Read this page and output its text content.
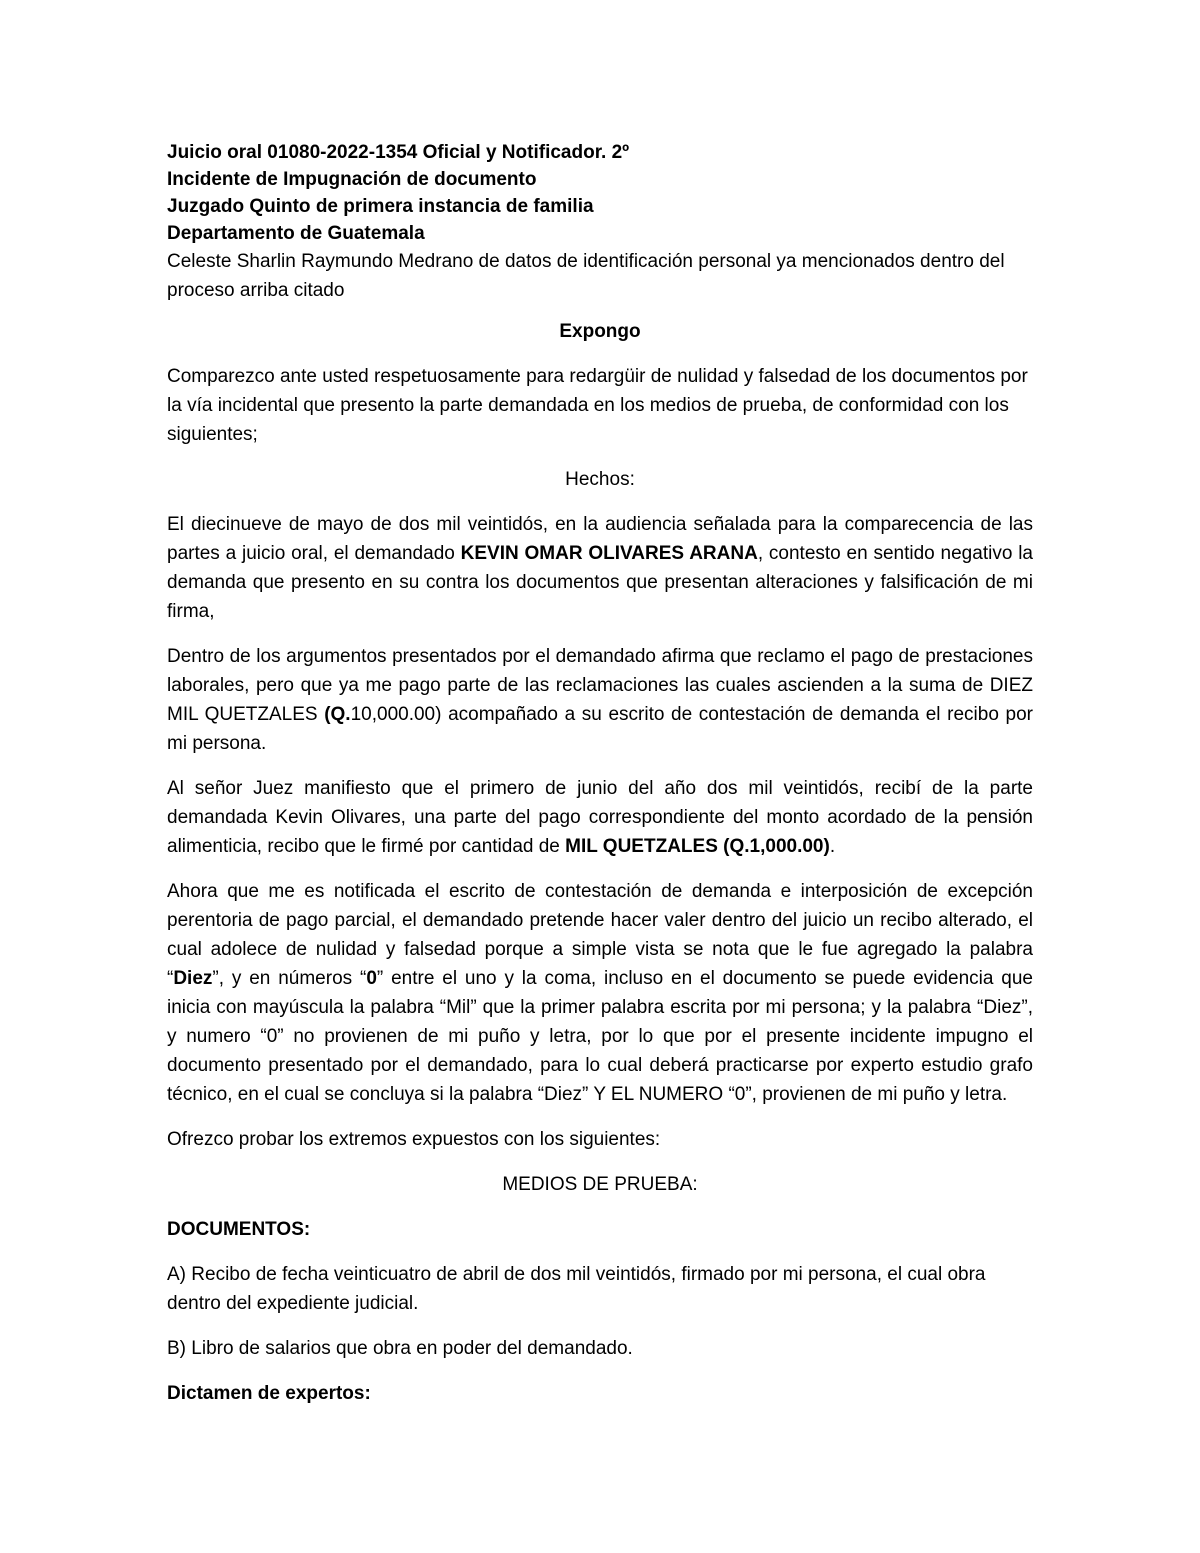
Juicio oral 01080-2022-1354 Oficial y Notificador. 2º

Incidente de Impugnación de documento

Juzgado Quinto de primera instancia de familia

Departamento de Guatemala

Celeste Sharlin Raymundo Medrano de datos de identificación personal ya mencionados dentro del proceso arriba citado

Expongo

Comparezco ante usted respetuosamente para redargüir de nulidad y falsedad de los documentos por la vía incidental que presento la parte demandada en los medios de prueba, de conformidad con los siguientes;

Hechos:

El diecinueve de mayo de dos mil veintidós, en la audiencia señalada para la comparecencia de las partes a juicio oral, el demandado KEVIN OMAR OLIVARES ARANA, contesto en sentido negativo la demanda que presento en su contra los documentos que presentan alteraciones y falsificación de mi firma,

Dentro de los argumentos presentados por el demandado afirma que reclamo el pago de prestaciones laborales, pero que ya me pago parte de las reclamaciones las cuales ascienden a la suma de DIEZ MIL QUETZALES (Q.10,000.00) acompañado a su escrito de contestación de demanda el recibo por mi persona.

Al señor Juez manifiesto que el primero de junio del año dos mil veintidós, recibí de la parte demandada Kevin Olivares, una parte del pago correspondiente del monto acordado de la pensión alimenticia, recibo que le firmé por cantidad de MIL QUETZALES (Q.1,000.00).

Ahora que me es notificada el escrito de contestación de demanda e interposición de excepción perentoria de pago parcial, el demandado pretende hacer valer dentro del juicio un recibo alterado, el cual adolece de nulidad y falsedad porque a simple vista se nota que le fue agregado la palabra “Diez”, y en números “0” entre el uno y la coma, incluso en el documento se puede evidencia que inicia con mayúscula la palabra “Mil” que la primer palabra escrita por mi persona; y la palabra “Diez”, y numero “0” no provienen de mi puño y letra, por lo que por el presente incidente impugno el documento presentado por el demandado, para lo cual deberá practicarse por experto estudio grafo técnico, en el cual se concluya si la palabra “Diez” Y EL NUMERO “0”, provienen de mi puño y letra.

Ofrezco probar los extremos expuestos con los siguientes:

MEDIOS DE PRUEBA:

DOCUMENTOS:

A) Recibo de fecha veinticuatro de abril de dos mil veintidós, firmado por mi persona, el cual obra dentro del expediente judicial.

B) Libro de salarios que obra en poder del demandado.

Dictamen de expertos:
